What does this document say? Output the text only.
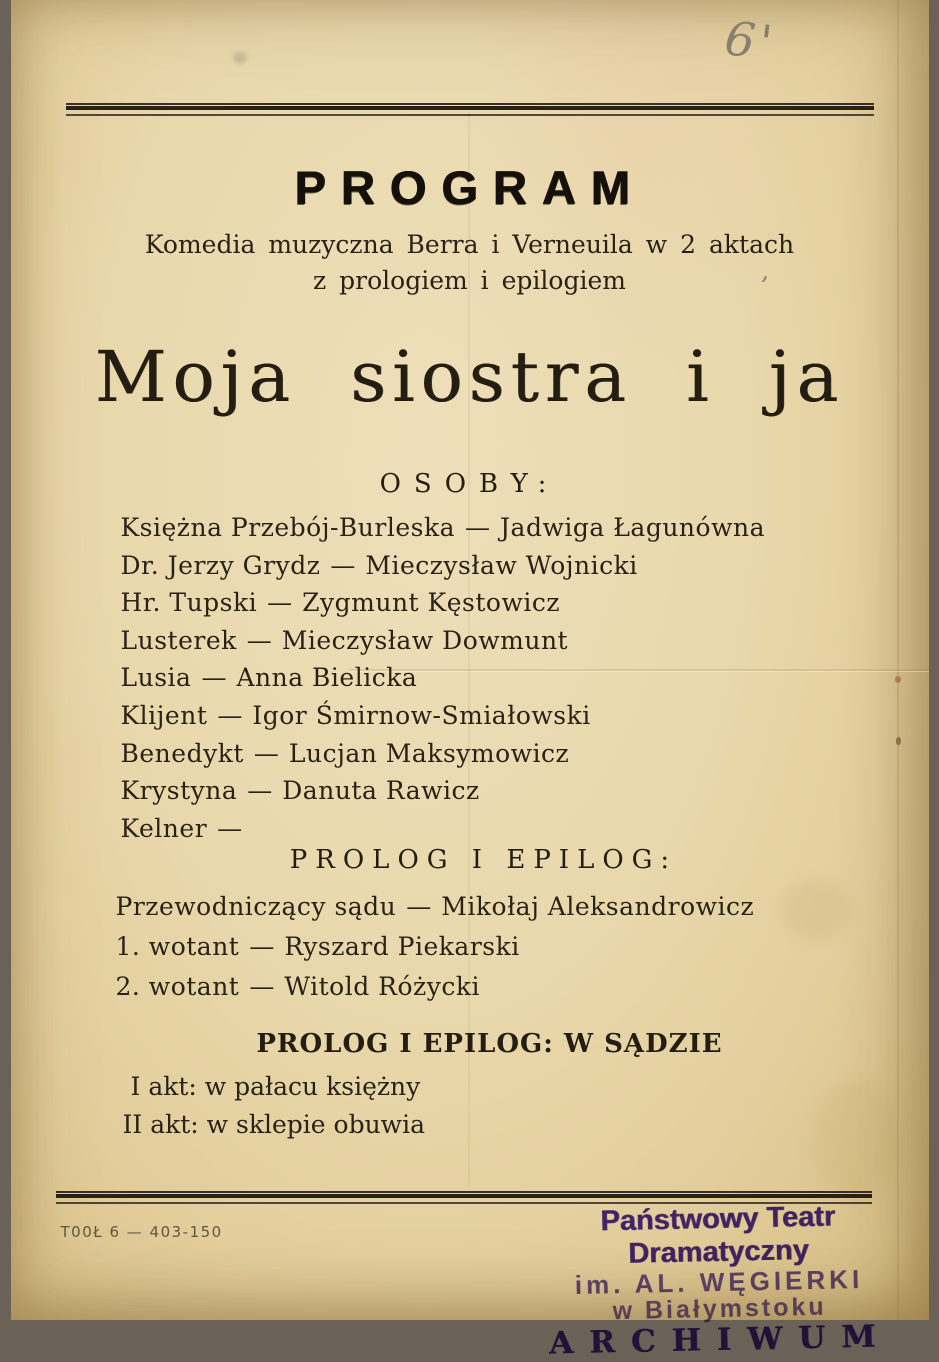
6'
’
PROGRAM

Komedia muzyczna Berra i Verneuila w 2 aktach

z prologiem i epilogiem

Moja siostra i ja
OSOBY:
Księżna Przebój-Burleska — Jadwiga Łagunówna
Dr. Jerzy Grydz — Mieczysław Wojnicki
Hr. Tupski — Zygmunt Kęstowicz
Lusterek — Mieczysław Dowmunt
Lusia — Anna Bielicka
Klijent — Igor Śmirnow-Smiałowski
Benedykt — Lucjan Maksymowicz
Krystyna — Danuta Rawicz
Kelner —
PROLOG I EPILOG:
Przewodniczący sądu — Mikołaj Aleksandrowicz
1. wotant — Ryszard Piekarski
2. wotant — Witold Różycki
PROLOG I EPILOG: W SĄDZIE

I akt: w pałacu księżny

II akt: w sklepie obuwia

T00Ł 6 — 403-150	Państwowy Teatr Dramatyczny
im. AL. WĘGIERKI
w Białymstoku
ARCHIWUM
